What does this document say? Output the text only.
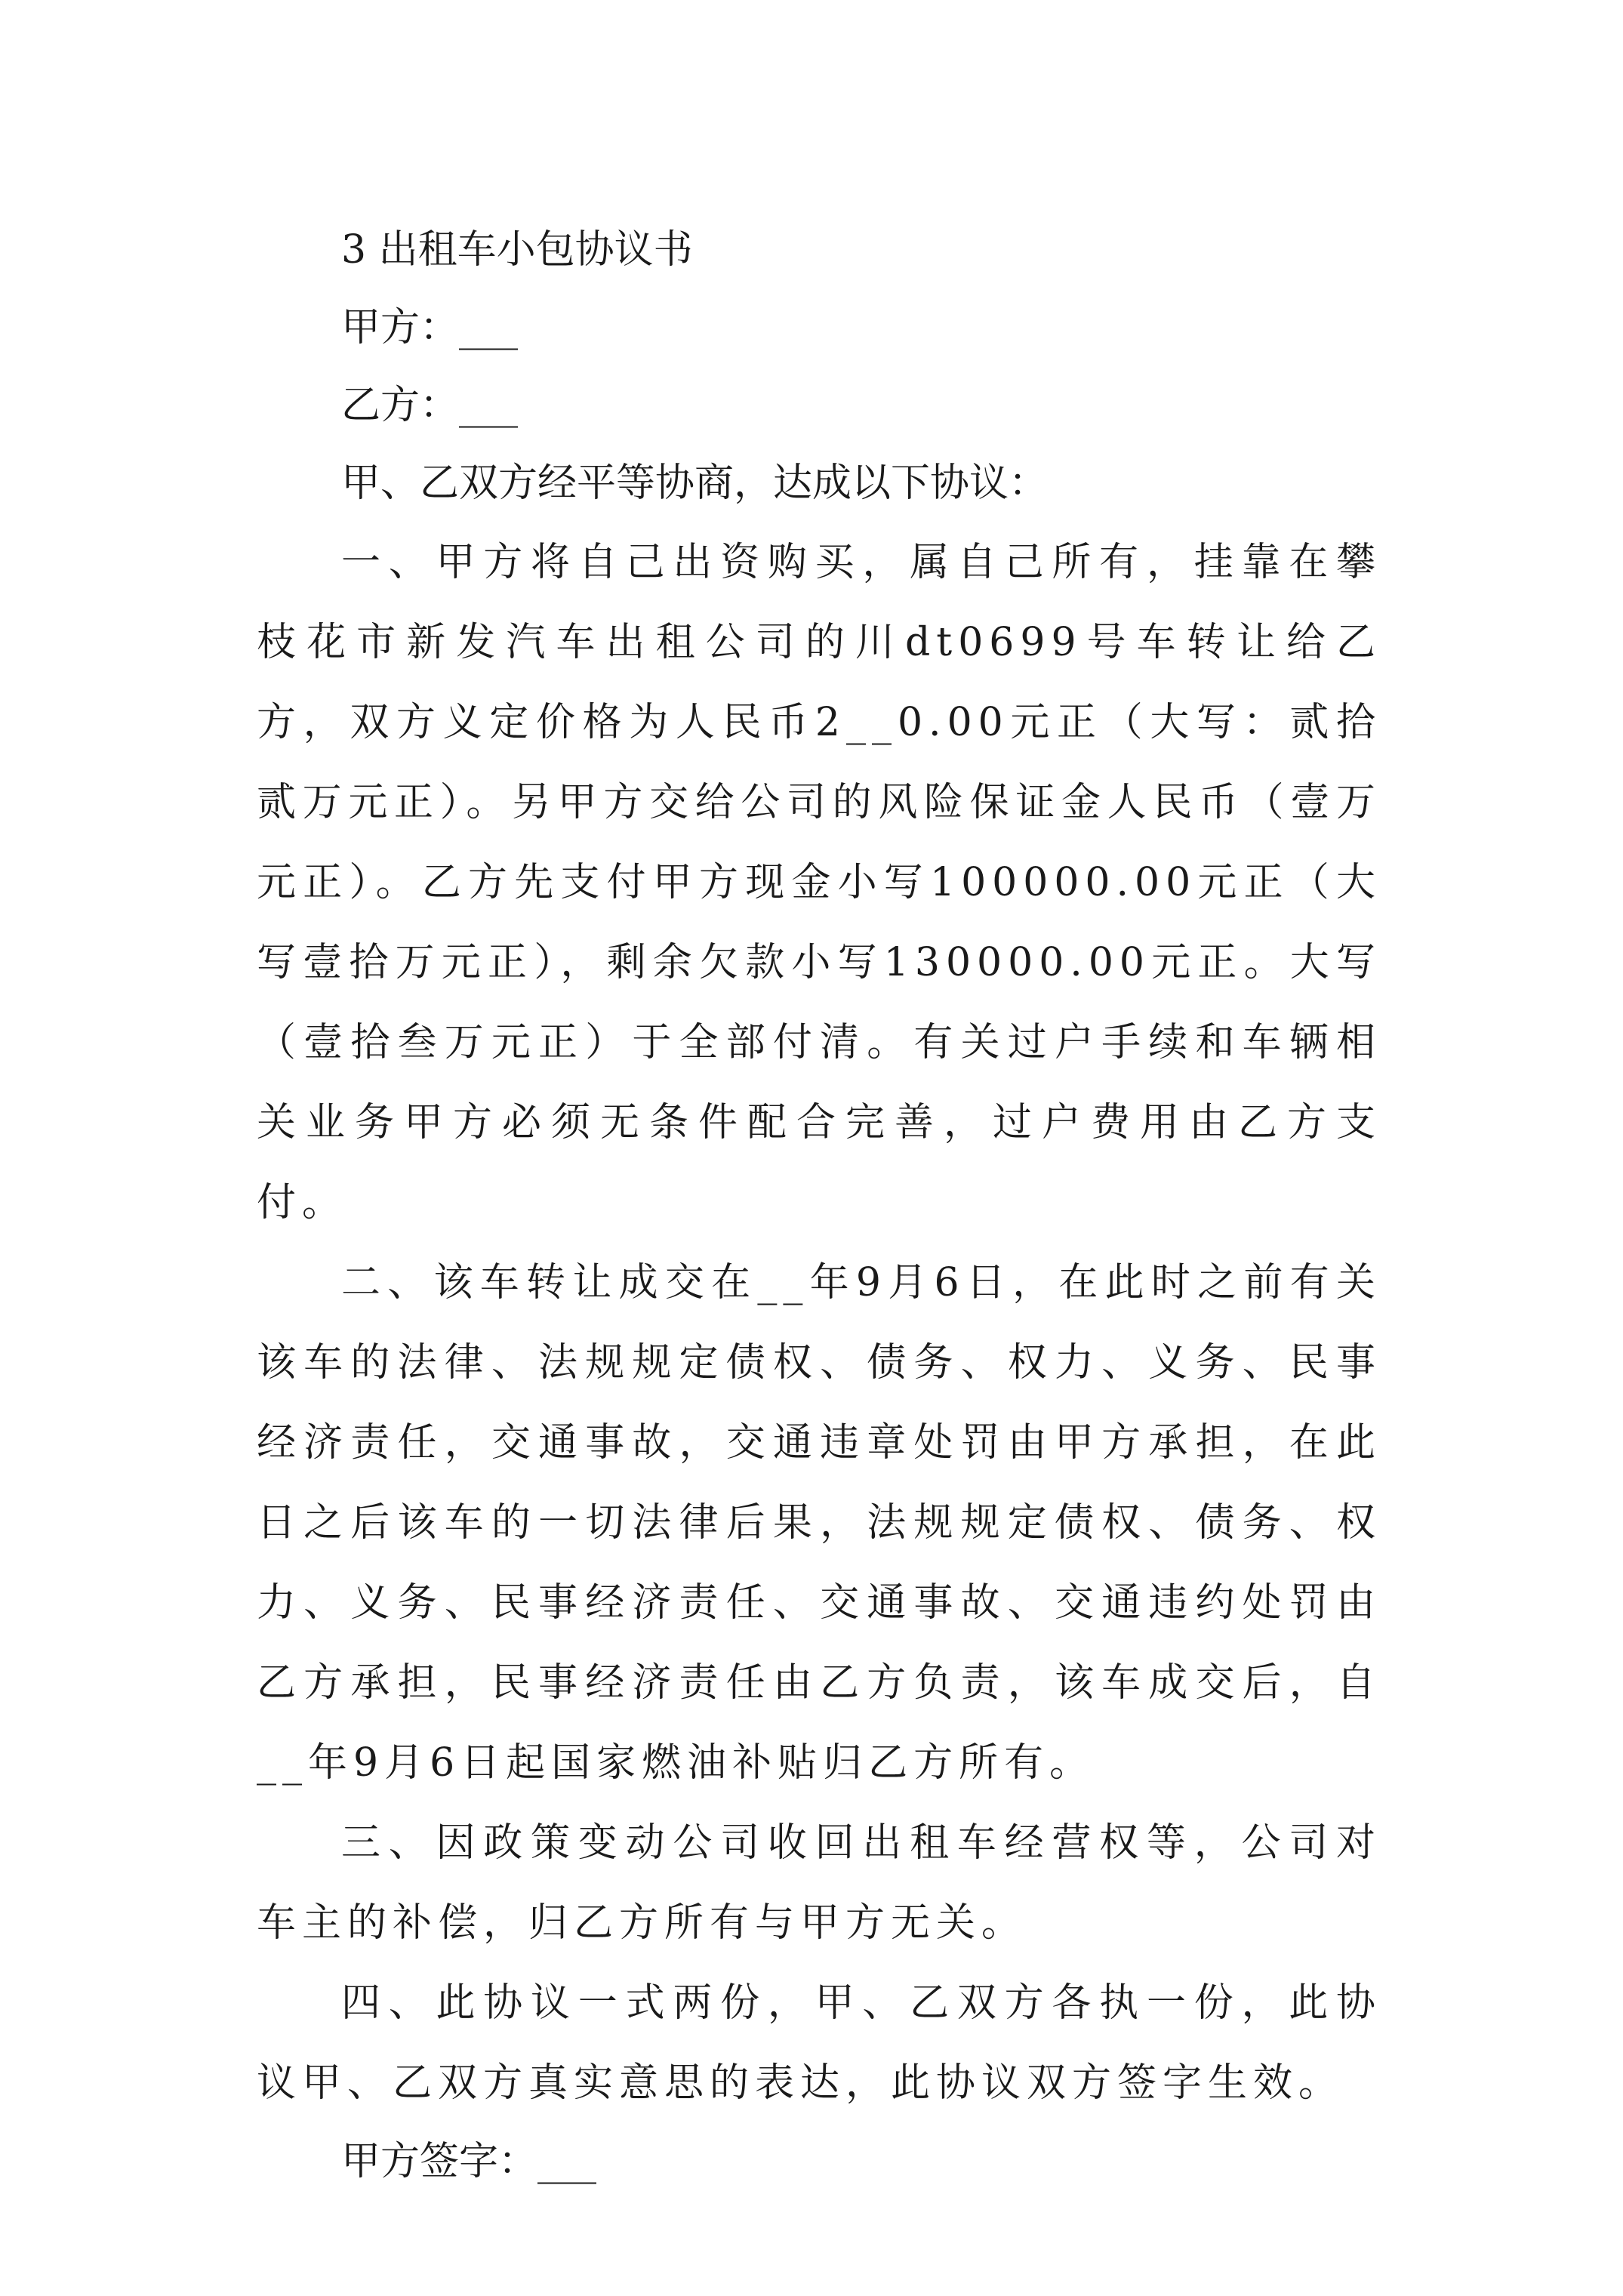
3 出租车小包协议书

甲方：___

乙方：___

甲、乙双方经平等协商，达成以下协议：

一、甲方将自己出资购买，属自己所有，挂靠在攀枝花市新发汽车出租公司的川dt0699号车转让给乙方，双方义定价格为人民币2__0.00元正（大写：贰拾贰万元正）。另甲方交给公司的风险保证金人民币（壹万元正）。乙方先支付甲方现金小写100000.00元正（大写壹拾万元正），剩余欠款小写130000.00元正。大写（壹拾叁万元正）于全部付清。有关过户手续和车辆相关业务甲方必须无条件配合完善，过户费用由乙方支付。

二、该车转让成交在__年9月6日，在此时之前有关该车的法律、法规规定债权、债务、权力、义务、民事经济责任，交通事故，交通违章处罚由甲方承担，在此日之后该车的一切法律后果，法规规定债权、债务、权力、义务、民事经济责任、交通事故、交通违约处罚由乙方承担，民事经济责任由乙方负责，该车成交后，自__年9月6日起国家燃油补贴归乙方所有。

三、因政策变动公司收回出租车经营权等，公司对车主的补偿，归乙方所有与甲方无关。

四、此协议一式两份，甲、乙双方各执一份，此协议甲、乙双方真实意思的表达，此协议双方签字生效。

甲方签字：___
